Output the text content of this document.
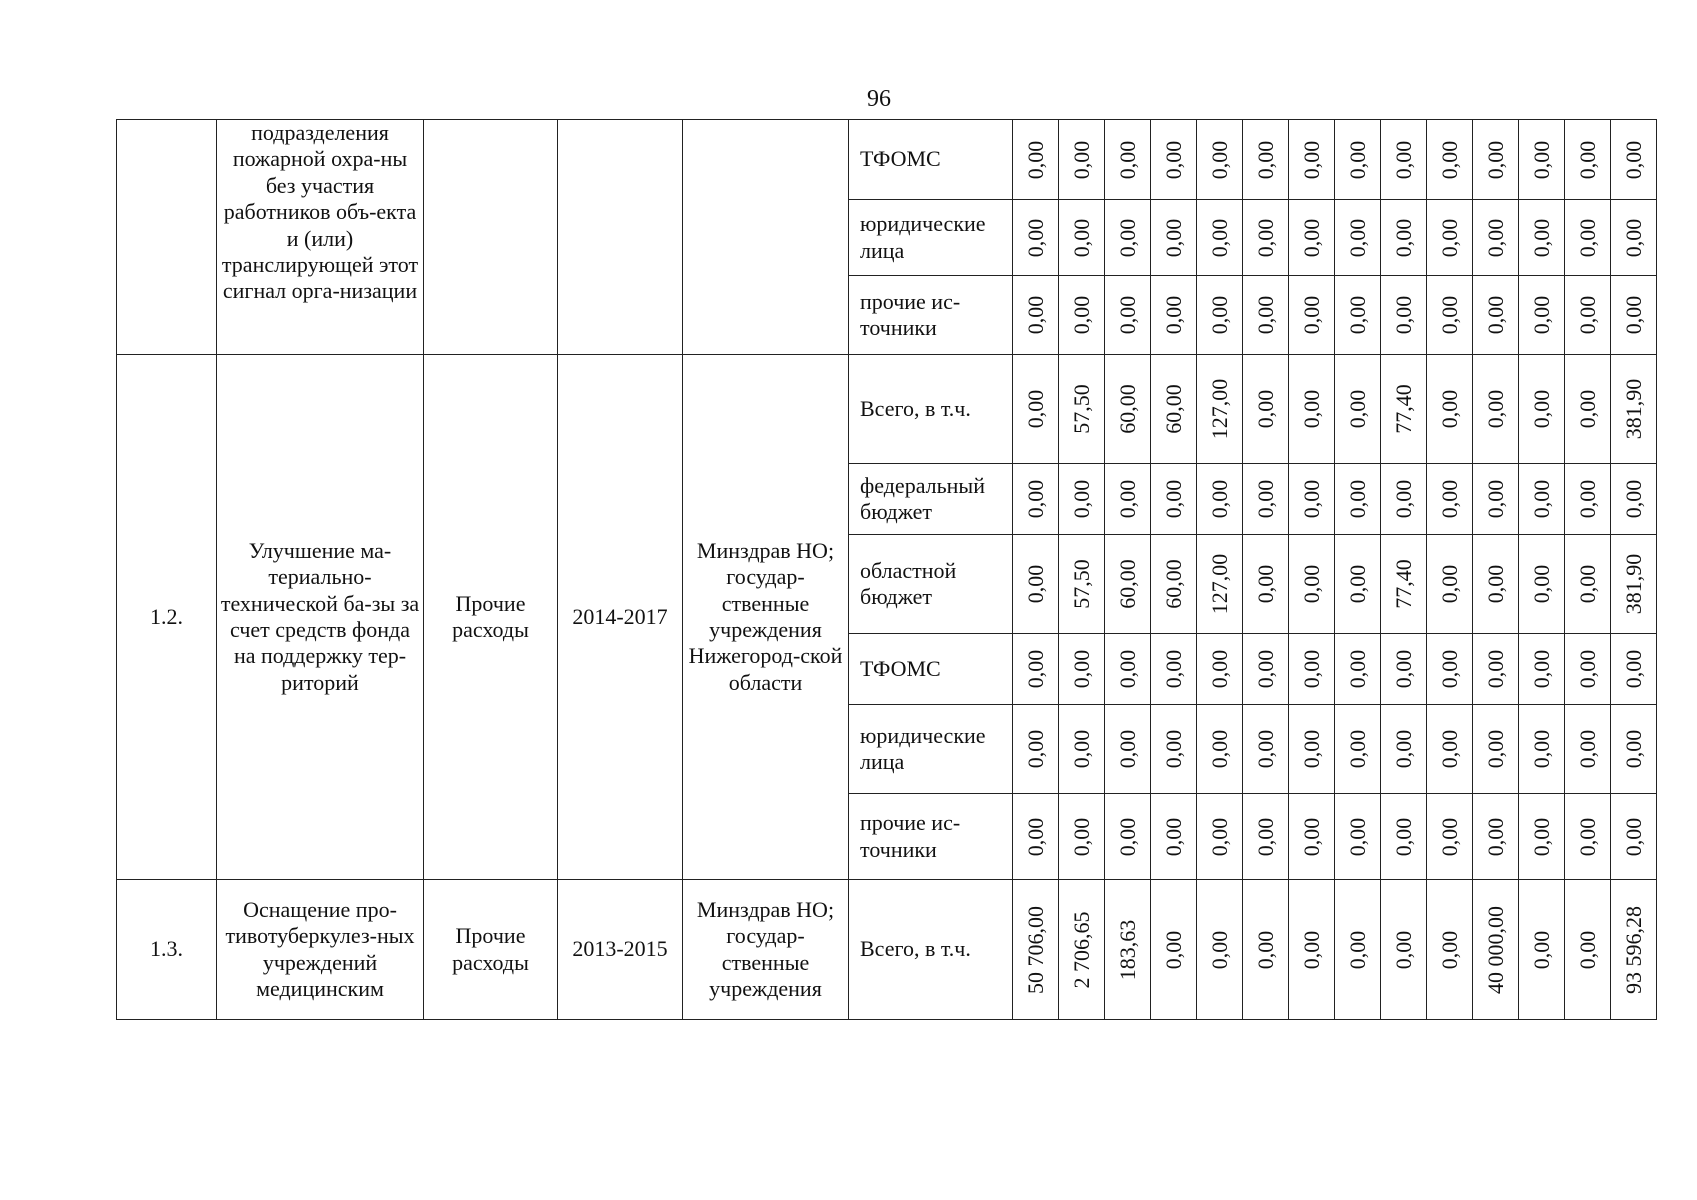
96
	подразделения пожарной охра-ны без участия работников объ-екта и (или) транслирующей этот сигнал орга-низации				ТФОМС	0,00	0,00	0,00	0,00	0,00	0,00	0,00	0,00	0,00	0,00	0,00	0,00	0,00	0,00

					юридические лица	0,00	0,00	0,00	0,00	0,00	0,00	0,00	0,00	0,00	0,00	0,00	0,00	0,00	0,00

					прочие ис-точники	0,00	0,00	0,00	0,00	0,00	0,00	0,00	0,00	0,00	0,00	0,00	0,00	0,00	0,00

1.2.	Улучшение ма-териально-технической ба-зы за счет средств фонда на поддержку тер-риторий	Прочие расходы	2014-2017	Минздрав НО; государ-ственные учреждения Нижегород-ской области	Всего, в т.ч.	0,00	57,50	60,00	60,00	127,00	0,00	0,00	0,00	77,40	0,00	0,00	0,00	0,00	381,90

					федеральный бюджет	0,00	0,00	0,00	0,00	0,00	0,00	0,00	0,00	0,00	0,00	0,00	0,00	0,00	0,00

					областной бюджет	0,00	57,50	60,00	60,00	127,00	0,00	0,00	0,00	77,40	0,00	0,00	0,00	0,00	381,90

					ТФОМС	0,00	0,00	0,00	0,00	0,00	0,00	0,00	0,00	0,00	0,00	0,00	0,00	0,00	0,00

					юридические лица	0,00	0,00	0,00	0,00	0,00	0,00	0,00	0,00	0,00	0,00	0,00	0,00	0,00	0,00

					прочие ис-точники	0,00	0,00	0,00	0,00	0,00	0,00	0,00	0,00	0,00	0,00	0,00	0,00	0,00	0,00

1.3.	Оснащение про-тивотуберкулез-ных учреждений медицинским	Прочие расходы	2013-2015	Минздрав НО; государ-ственные учреждения	Всего, в т.ч.	50 706,00	2 706,65	183,63	0,00	0,00	0,00	0,00	0,00	0,00	0,00	40 000,00	0,00	0,00	93 596,28
